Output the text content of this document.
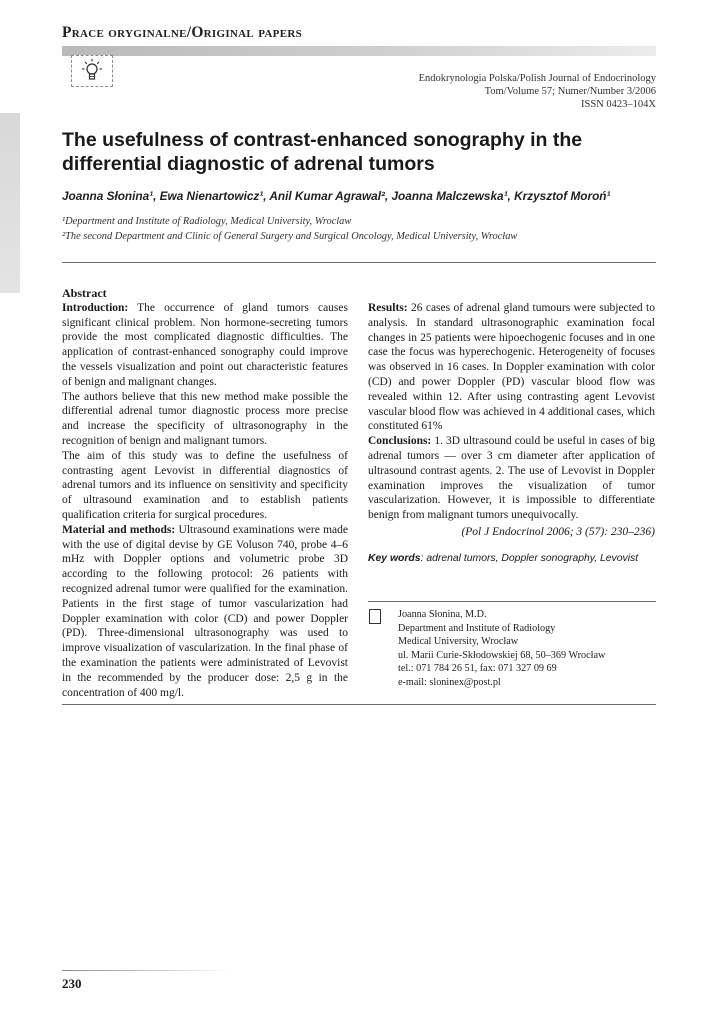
Prace oryginalne/Original papers
Endokrynologia Polska/Polish Journal of Endocrinology
Tom/Volume 57; Numer/Number 3/2006
ISSN 0423–104X
The usefulness of contrast-enhanced sonography in the differential diagnostic of adrenal tumors
Joanna Słonina¹, Ewa Nienartowicz¹, Anil Kumar Agrawal², Joanna Malczewska¹, Krzysztof Moroń¹
¹Department and Institute of Radiology, Medical University, Wroclaw
²The second Department and Clinic of General Surgery and Surgical Oncology, Medical University, Wrocław
Abstract

Introduction: The occurrence of gland tumors causes significant clinical problem. Non hormone-secreting tumors provide the most complicated diagnostic difficulties. The application of contrast-enhanced sonography could improve the vessels visualization and point out characteristic features of benign and malignant changes.

The authors believe that this new method make possible the differential adrenal tumor diagnostic process more precise and increase the specificity of ultrasonography in the recognition of benign and malignant tumors.

The aim of this study was to define the usefulness of contrasting agent Levovist in differential diagnostics of adrenal tumors and its influence on sensitivity and specificity of ultrasound examination and to establish patients qualification criteria for surgical procedures.

Material and methods: Ultrasound examinations were made with the use of digital devise by GE Voluson 740, probe 4–6 mHz with Doppler options and volumetric probe 3D according to the following protocol: 26 patients with recognized adrenal tumor were qualified for the examination. Patients in the first stage of tumor vascularization had Doppler examination with color (CD) and power Doppler (PD). Three-dimensional ultrasonography was used to improve visualization of vascularization. In the final phase of the examination the patients were administrated of Levovist in the recommended by the producer dose: 2,5 g in the concentration of 400 mg/l.

Results: 26 cases of adrenal gland tumours were subjected to analysis. In standard ultrasonographic examination focal changes in 25 patients were hipoechogenic focuses and in one case the focus was hyperechogenic. Heterogeneity of focuses was observed in 16 cases. In Doppler examination with color (CD) and power Doppler (PD) vascular blood flow was revealed within 12. After using contrasting agent Levovist vascular blood flow was achieved in 4 additional cases, which constituted 61%

Conclusions: 1. 3D ultrasound could be useful in cases of big adrenal tumors — over 3 cm diameter after application of ultrasound contrast agents. 2. The use of Levovist in Doppler examination improves the visualization of tumor vascularization. However, it is impossible to differentiate benign from malignant tumors unequivocally.

(Pol J Endocrinol 2006; 3 (57): 230–236)

Key words: adrenal tumors, Doppler sonography, Levovist

Joanna Słonina, M.D.
Department and Institute of Radiology
Medical University, Wrocław
ul. Marii Curie-Skłodowskiej 68, 50–369 Wrocław
tel.: 071 784 26 51, fax: 071 327 09 69
e-mail: sloninex@post.pl
230
